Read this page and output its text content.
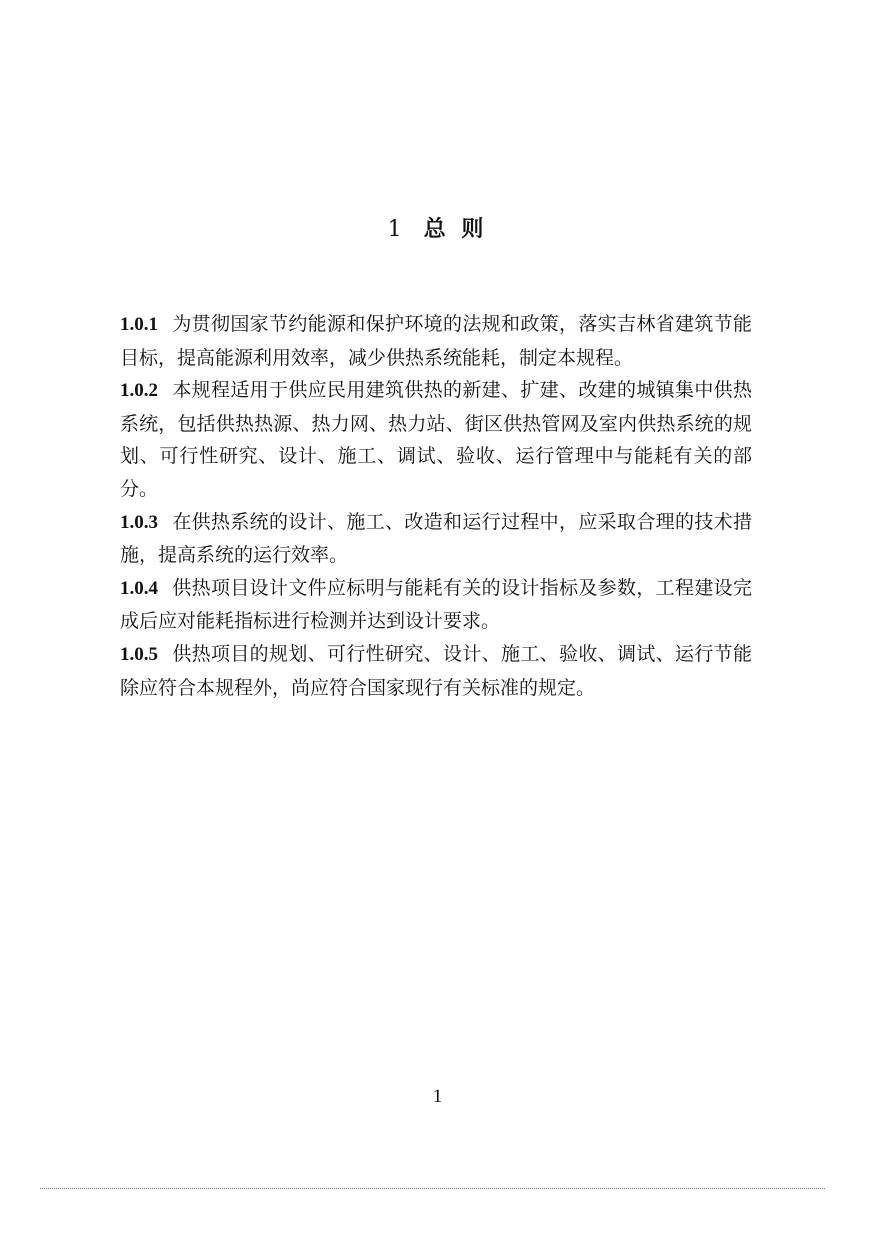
1 总 则

1.0.1 为贯彻国家节约能源和保护环境的法规和政策，落实吉林省建筑节能目标，提高能源利用效率，减少供热系统能耗，制定本规程。

1.0.2 本规程适用于供应民用建筑供热的新建、扩建、改建的城镇集中供热系统，包括供热热源、热力网、热力站、街区供热管网及室内供热系统的规划、可行性研究、设计、施工、调试、验收、运行管理中与能耗有关的部分。

1.0.3 在供热系统的设计、施工、改造和运行过程中，应采取合理的技术措施，提高系统的运行效率。

1.0.4 供热项目设计文件应标明与能耗有关的设计指标及参数，工程建设完成后应对能耗指标进行检测并达到设计要求。

1.0.5 供热项目的规划、可行性研究、设计、施工、验收、调试、运行节能除应符合本规程外，尚应符合国家现行有关标准的规定。

1
